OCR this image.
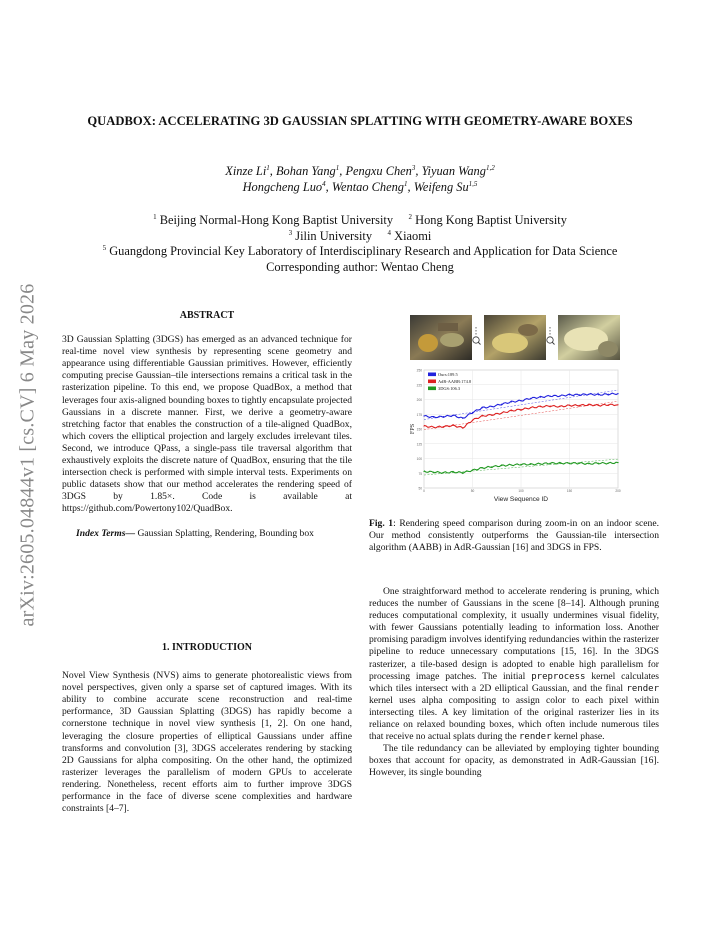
arXiv:2605.04844v1 [cs.CV] 6 May 2026
QUADBOX: ACCELERATING 3D GAUSSIAN SPLATTING WITH GEOMETRY-AWARE BOXES
Xinze Li$^1$, Bohan Yang$^1$, Pengxu Chen$^3$, Yiyuan Wang$^{1,2}$
Hongcheng Luo$^4$, Wentao Cheng$^1$, Weifeng Su$^{1,5}$
$^1$ Beijing Normal-Hong Kong Baptist University $^2$ Hong Kong Baptist University
$^3$ Jilin University $^4$ Xiaomi
$^5$ Guangdong Provincial Key Laboratory of Interdisciplinary Research and Application for Data Science
Corresponding author: Wentao Cheng
ABSTRACT

3D Gaussian Splatting (3DGS) has emerged as an advanced technique for real-time novel view synthesis by representing scene geometry and appearance using differentiable Gaussian primitives. However, efficiently computing precise Gaussian–tile intersections remains a critical task in the rasterization pipeline. To this end, we propose QuadBox, a method that leverages four axis-aligned bounding boxes to tightly encapsulate projected Gaussians in a discrete manner. First, we derive a geometry-aware stretching factor that enables the construction of a tile-aligned QuadBox, which covers the elliptical projection and largely excludes irrelevant tiles. Second, we introduce QPass, a single-pass tile traversal algorithm that exhaustively exploits the discrete nature of QuadBox, ensuring that the tile intersection check is performed with simple interval tests. Experiments on public datasets show that our method accelerates the rendering speed of 3DGS by 1.85×. Code is available at https://github.com/Powertony102/QuadBox.

Index Terms— Gaussian Splatting, Rendering, Bounding box

1. INTRODUCTION

Novel View Synthesis (NVS) aims to generate photorealistic views from novel perspectives, given only a sparse set of captured images. With its ability to combine accurate scene reconstruction and real-time performance, 3D Gaussian Splatting (3DGS) has rapidly become a cornerstone technique in novel view synthesis [1, 2]. On one hand, leveraging the closure properties of elliptical Gaussians under affine transforms and convolution [3], 3DGS accelerates rendering by stacking 2D Gaussians for alpha compositing. On the other hand, the optimized rasterizer leverages the parallelism of modern GPUs to accelerate rendering. Nonetheless, recent efforts aim to further improve 3DGS performance in the face of diverse scene complexities and hardware constraints [4–7].

50
75
100
125
150
175
200
225
250
0	50	100	150	200
Ours:189.5
AdR-AABB:174.8
3DGS:106.3
View Sequence ID
FPS
Fig. 1: Rendering speed comparison during zoom-in on an indoor scene. Our method consistently outperforms the Gaussian-tile intersection algorithm (AABB) in AdR-Gaussian [16] and 3DGS in FPS.

One straightforward method to accelerate rendering is pruning, which reduces the number of Gaussians in the scene [8–14]. Although pruning reduces computational complexity, it usually undermines visual fidelity, with fewer Gaussians potentially leading to information loss. Another promising paradigm involves identifying redundancies within the rasterizer pipeline to reduce unnecessary computations [15, 16]. In the 3DGS rasterizer, a tile-based design is adopted to enable high parallelism for processing image patches. The initial preprocess kernel calculates which tiles intersect with a 2D elliptical Gaussian, and the final render kernel uses alpha compositing to assign color to each pixel within intersecting tiles. A key limitation of the original rasterizer lies in its reliance on relaxed bounding boxes, which often include numerous tiles that receive no actual splats during the render kernel phase.

The tile redundancy can be alleviated by employing tighter bounding boxes that account for opacity, as demonstrated in AdR-Gaussian [16]. However, its single bounding
